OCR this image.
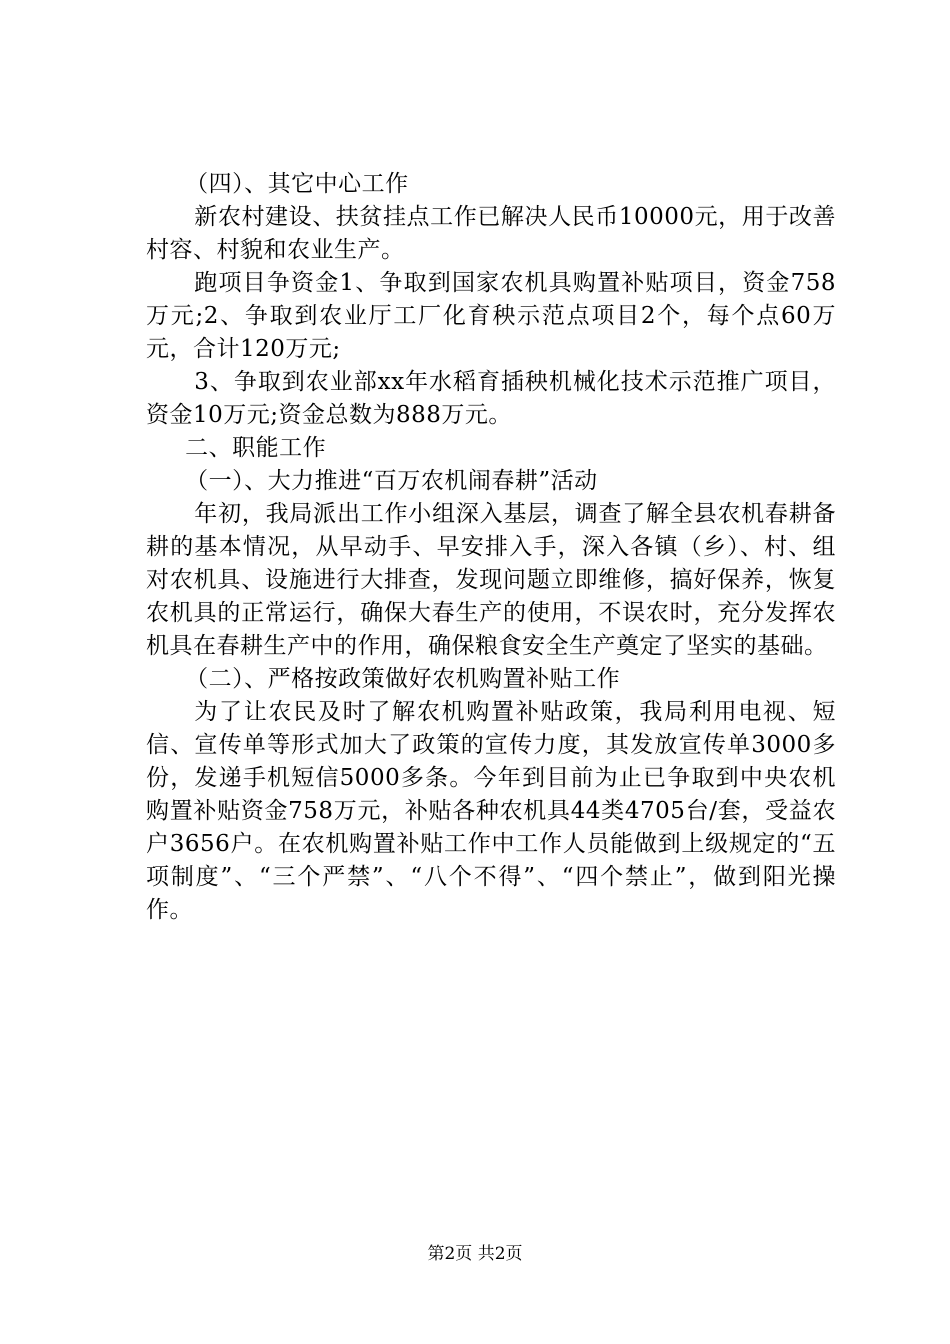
（四）、其它中心工作

新农村建设、扶贫挂点工作已解决人民币10000元，用于改善村容、村貌和农业生产。

跑项目争资金1、争取到国家农机具购置补贴项目，资金758万元;2、争取到农业厅工厂化育秧示范点项目2个，每个点60万元，合计120万元;

3、争取到农业部xx年水稻育插秧机械化技术示范推广项目，资金10万元;资金总数为888万元。

二、职能工作

（一）、大力推进“百万农机闹春耕”活动

年初，我局派出工作小组深入基层，调查了解全县农机春耕备耕的基本情况，从早动手、早安排入手，深入各镇（乡）、村、组对农机具、设施进行大排查，发现问题立即维修，搞好保养，恢复农机具的正常运行，确保大春生产的使用，不误农时，充分发挥农机具在春耕生产中的作用，确保粮食安全生产奠定了坚实的基础。

（二）、严格按政策做好农机购置补贴工作

为了让农民及时了解农机购置补贴政策，我局利用电视、短信、宣传单等形式加大了政策的宣传力度，其发放宣传单3000多份，发递手机短信5000多条。今年到目前为止已争取到中央农机购置补贴资金758万元，补贴各种农机具44类4705台/套，受益农户3656户。在农机购置补贴工作中工作人员能做到上级规定的“五项制度”、“三个严禁”、“八个不得”、“四个禁止”，做到阳光操作。

第2页 共2页
